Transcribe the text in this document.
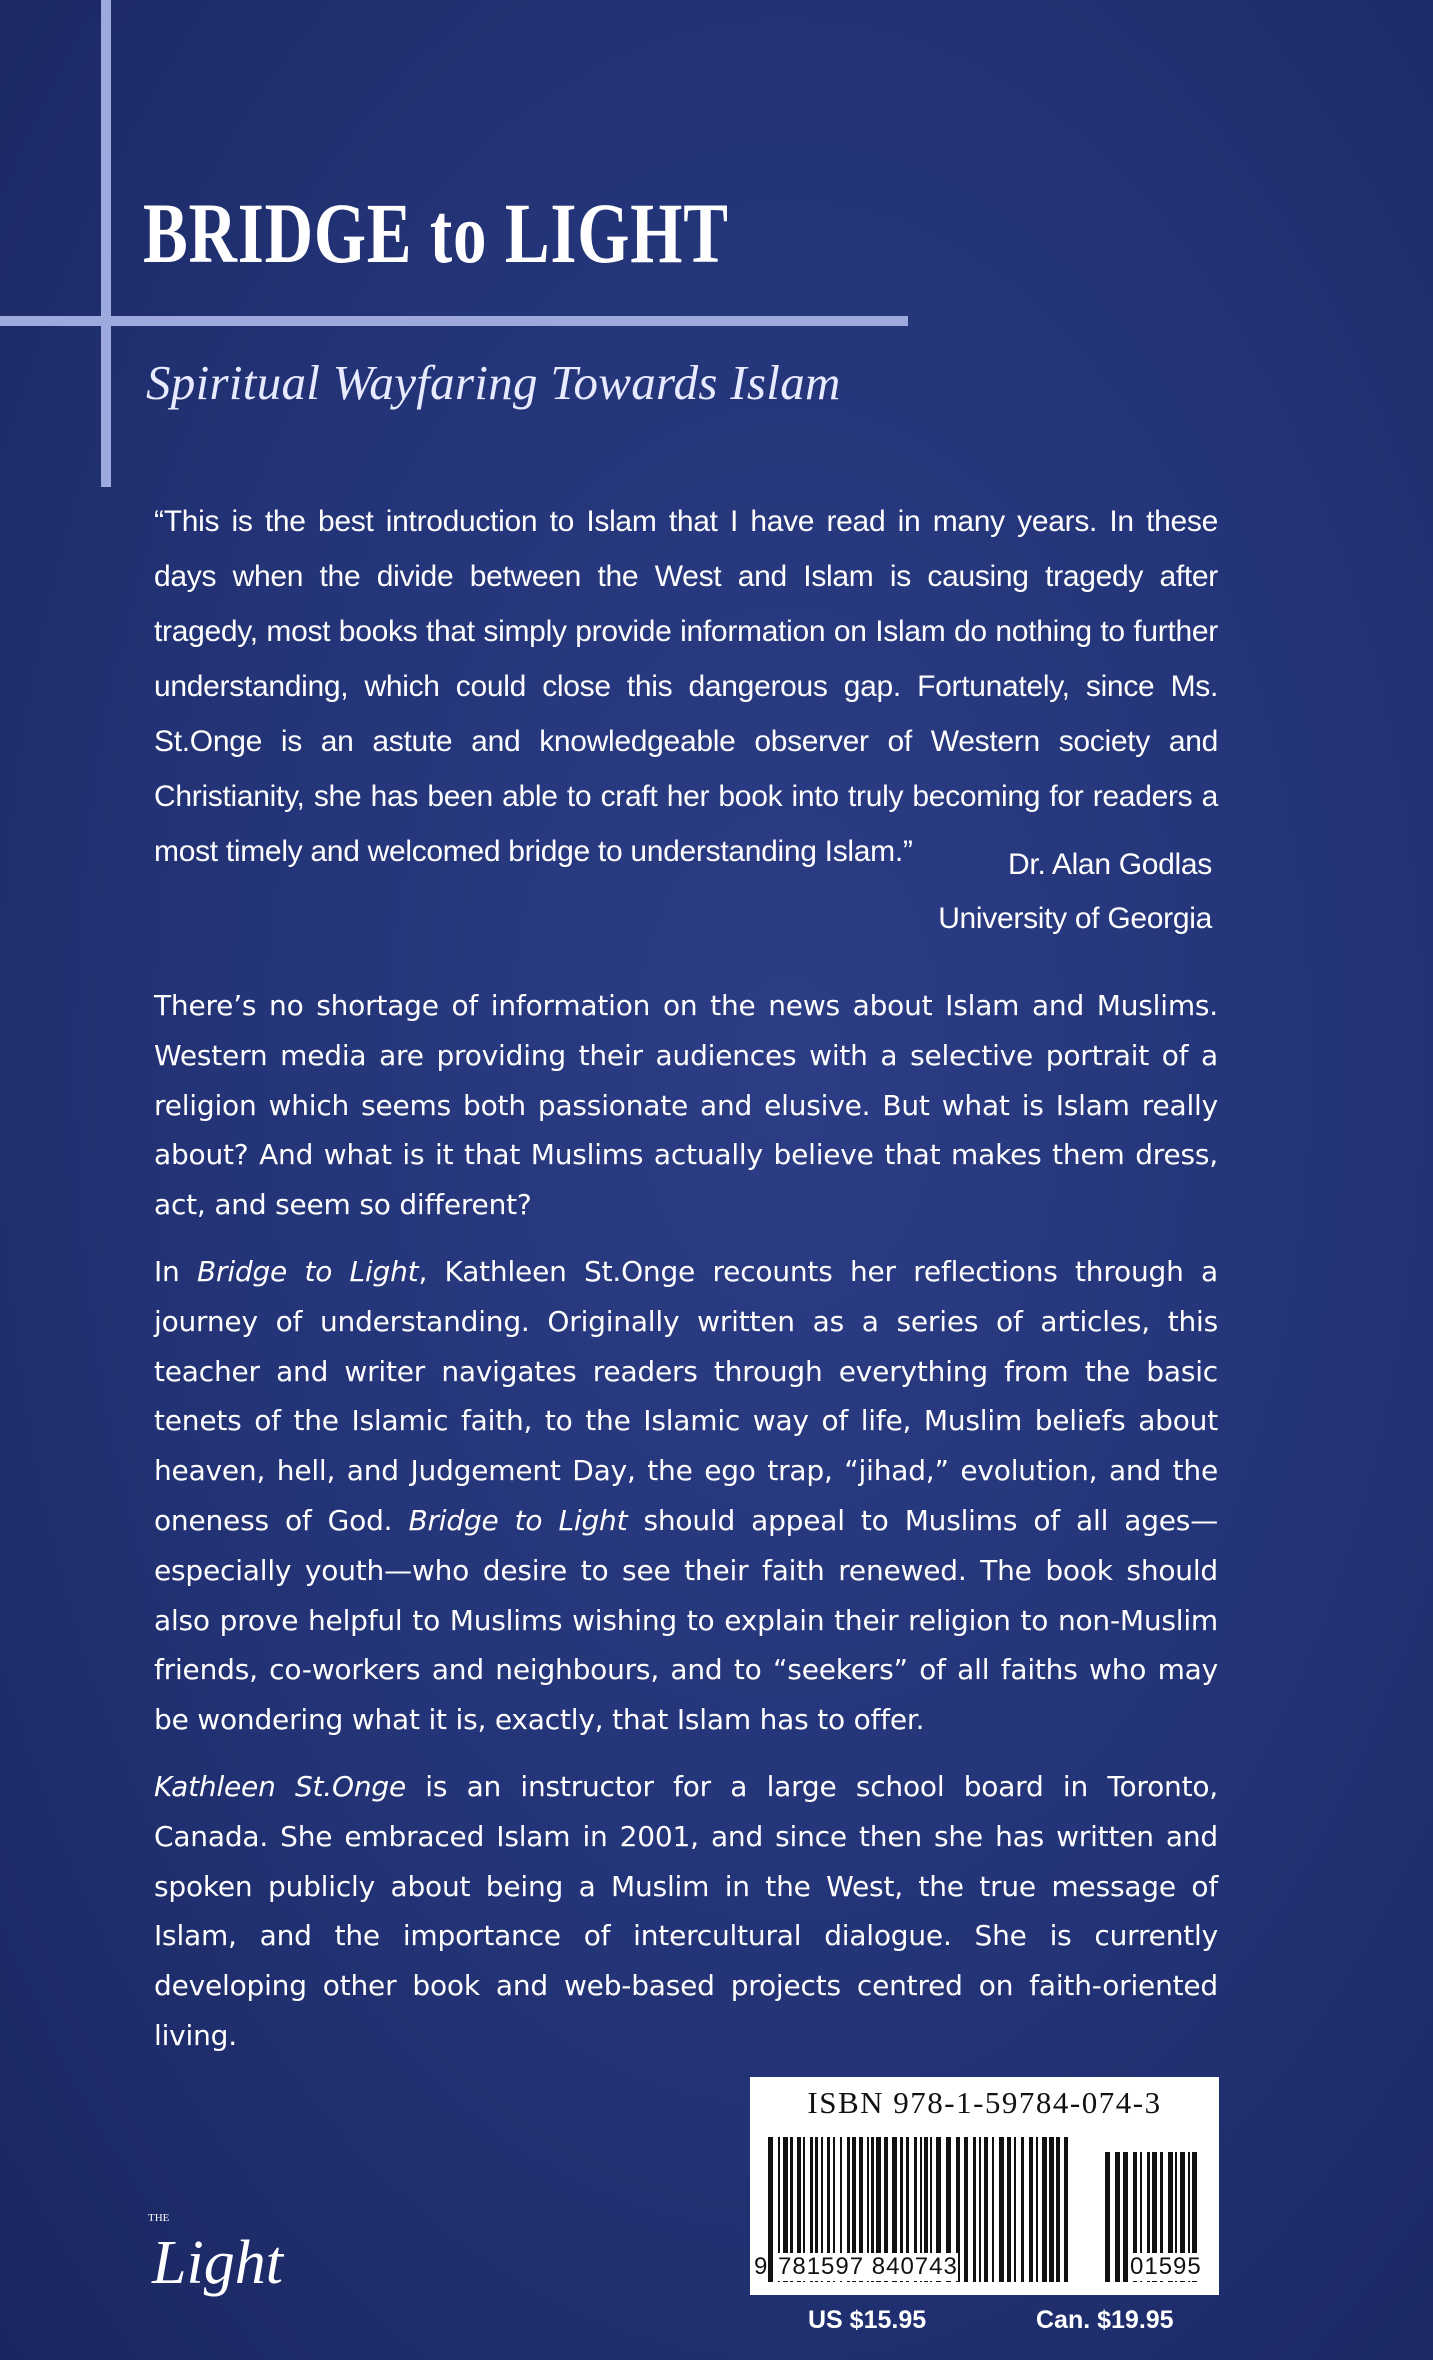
BRIDGE to LIGHT
Spiritual Wayfaring Towards Islam

“This is the best introduction to Islam that I have read in many years. In these days when the divide between the West and Islam is causing tragedy after tragedy, most books that simply provide information on Islam do nothing to further understanding, which could close this dangerous gap. Fortunately, since Ms. St.Onge is an astute and knowledgeable observer of Western society and Christianity, she has been able to craft her book into truly becoming for readers a most timely and welcomed bridge to understanding Islam.”	Dr. Alan Godlas
University of Georgia

There’s no shortage of information on the news about Islam and Muslims. Western media are providing their audiences with a selective portrait of a religion which seems both passionate and elusive. But what is Islam really about? And what is it that Muslims actually believe that makes them dress, act, and seem so different?

In Bridge to Light, Kathleen St.Onge recounts her reflections through a journey of understanding. Originally written as a series of articles, this teacher and writer navigates readers through everything from the basic tenets of the Islamic faith, to the Islamic way of life, Muslim beliefs about heaven, hell, and Judgement Day, the ego trap, “jihad,” evolution, and the oneness of God. Bridge to Light should appeal to Muslims of all ages—especially youth—who desire to see their faith renewed. The book should also prove helpful to Muslims wishing to explain their religion to non-Muslim friends, co-workers and neighbours, and to “seekers” of all faiths who may be wondering what it is, exactly, that Islam has to offer.

Kathleen St.Onge is an instructor for a large school board in Toronto, Canada. She embraced Islam in 2001, and since then she has written and spoken publicly about being a Muslim in the West, the true message of Islam, and the importance of intercultural dialogue. She is currently developing other book and web-based projects centred on faith-oriented living.

THE
Light
ISBN 978-1-59784-074-3
9 781597 840743	01595
US $15.95	Can. $19.95
